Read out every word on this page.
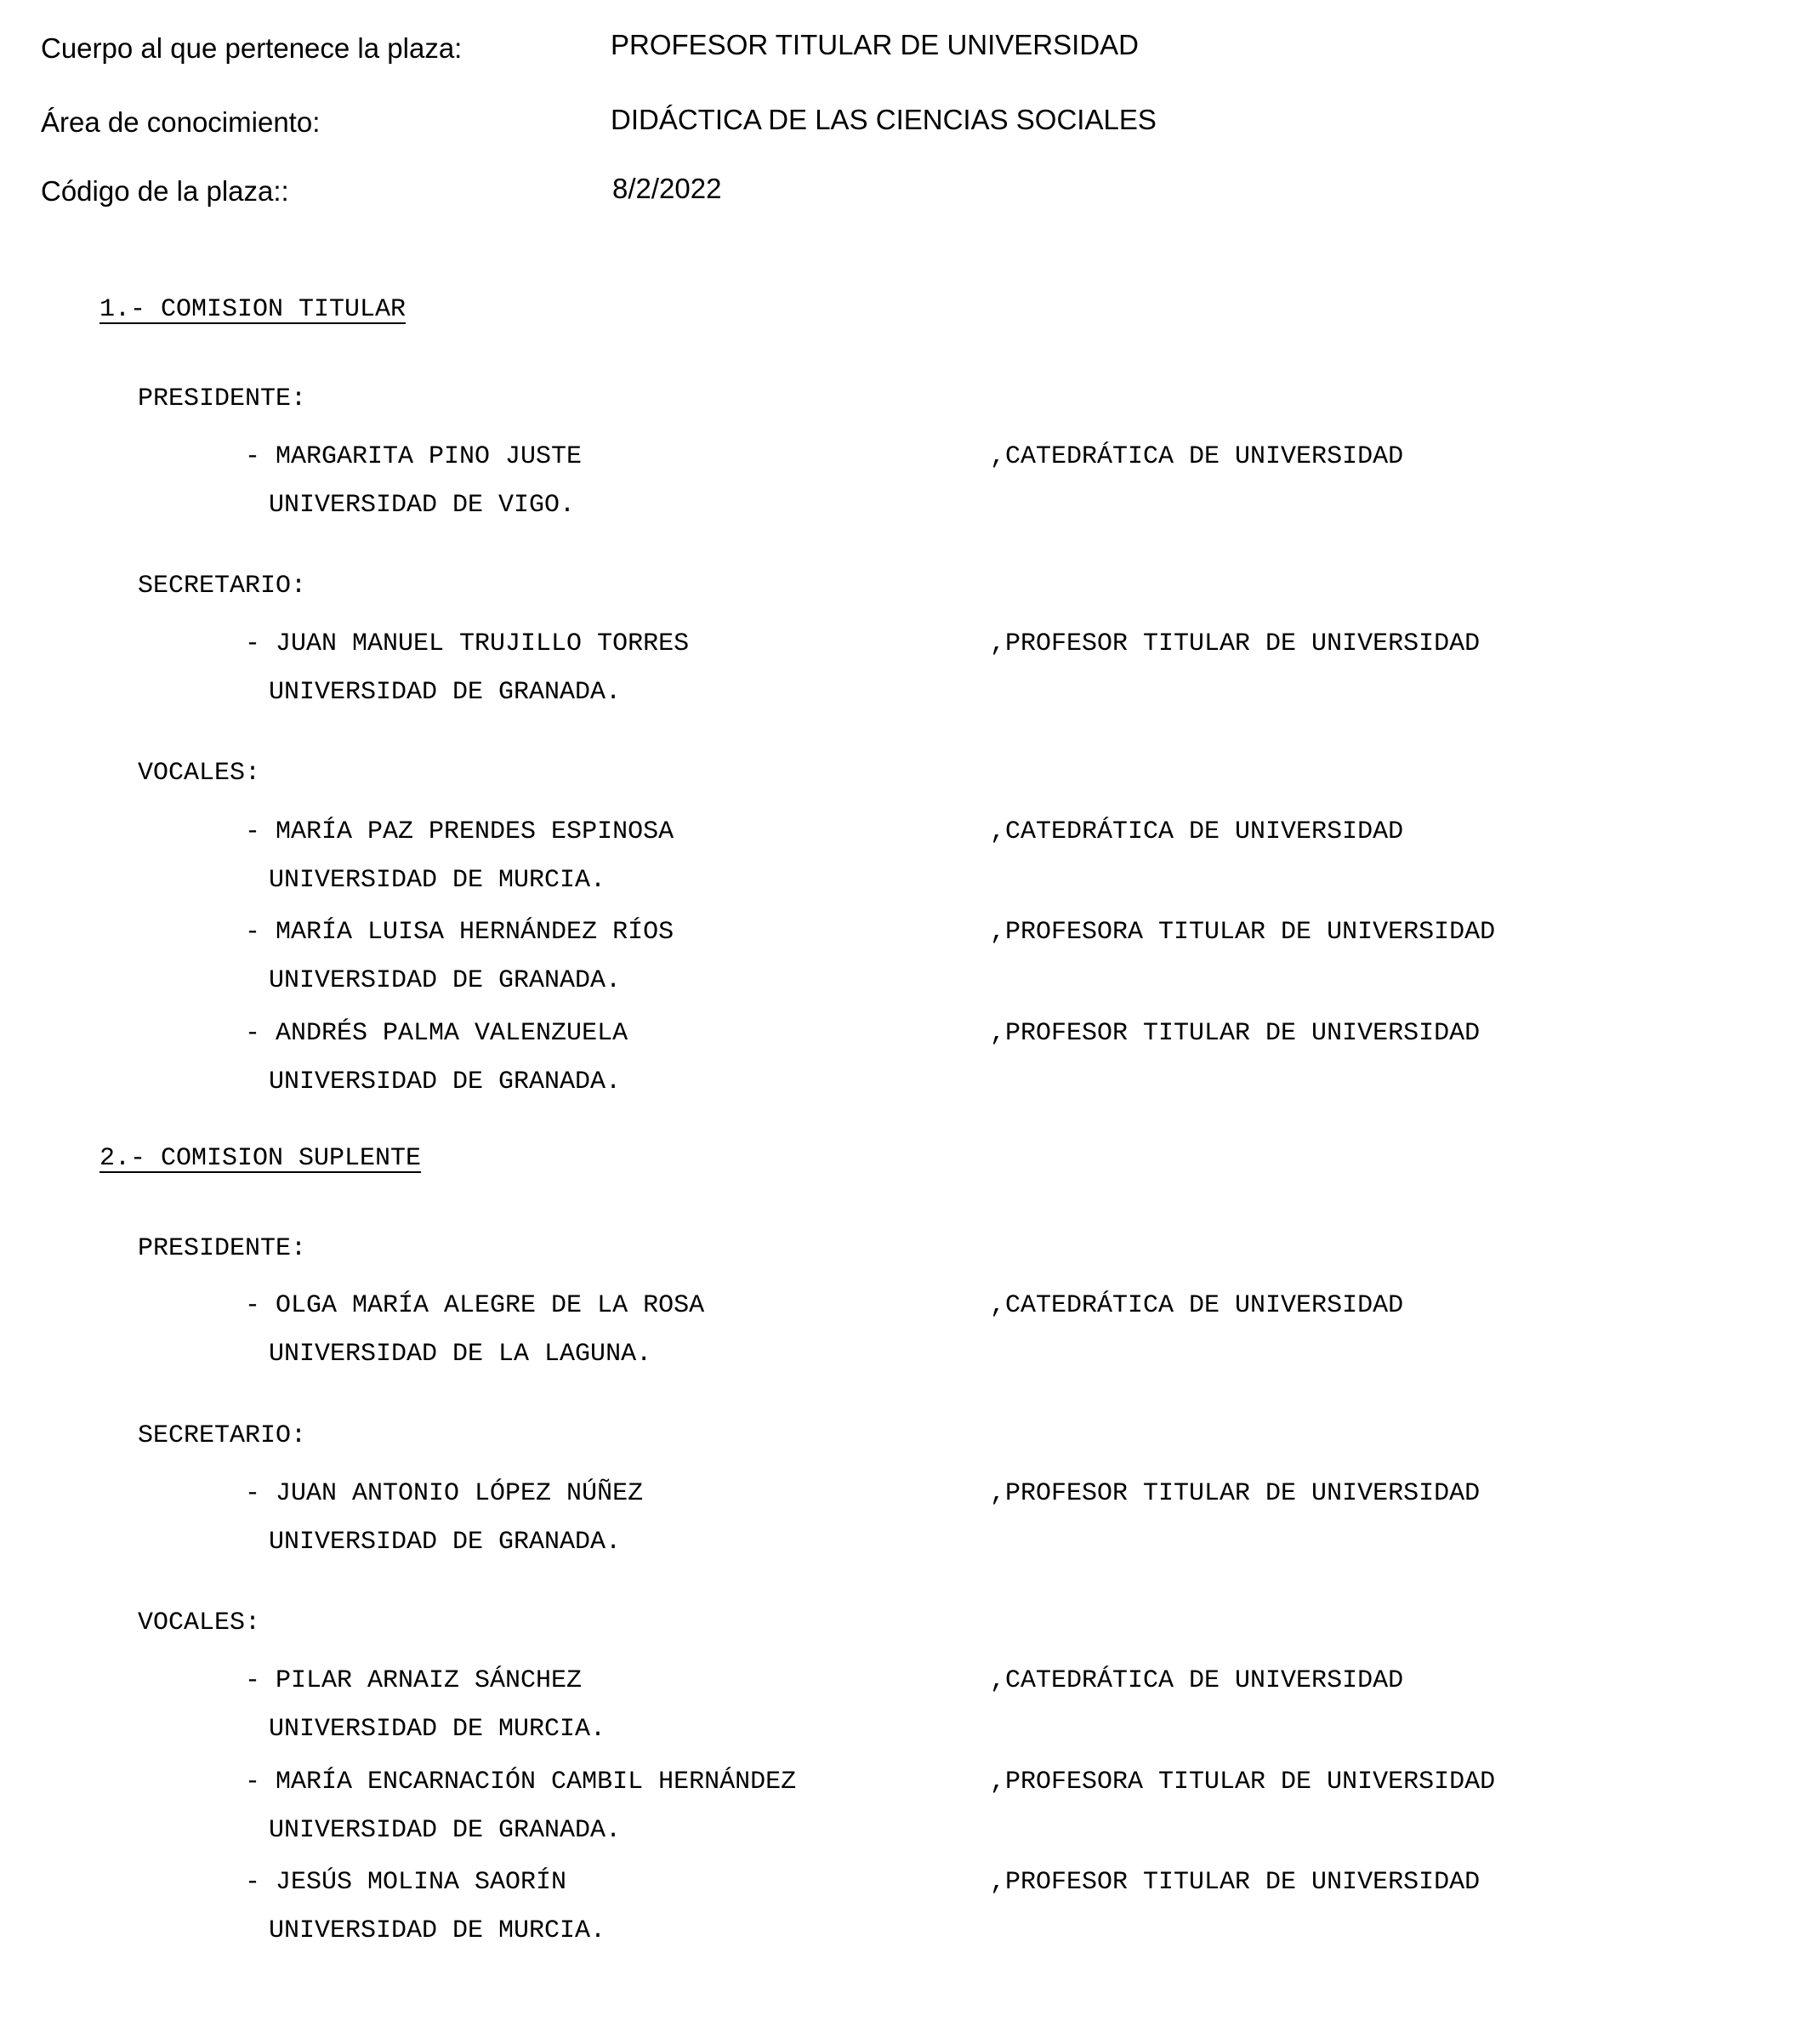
Cuerpo al que pertenece la plaza:	PROFESOR TITULAR DE UNIVERSIDAD
Área de conocimiento:	DIDÁCTICA DE LAS CIENCIAS SOCIALES
Código de la plaza::	8/2/2022
1.- COMISION TITULAR
PRESIDENTE:
- MARGARITA PINO JUSTE	,CATEDRÁTICA DE UNIVERSIDAD
UNIVERSIDAD DE VIGO.
SECRETARIO:
- JUAN MANUEL TRUJILLO TORRES	,PROFESOR TITULAR DE UNIVERSIDAD
UNIVERSIDAD DE GRANADA.
VOCALES:
- MARÍA PAZ PRENDES ESPINOSA	,CATEDRÁTICA DE UNIVERSIDAD
UNIVERSIDAD DE MURCIA.
- MARÍA LUISA HERNÁNDEZ RÍOS	,PROFESORA TITULAR DE UNIVERSIDAD
UNIVERSIDAD DE GRANADA.
- ANDRÉS PALMA VALENZUELA	,PROFESOR TITULAR DE UNIVERSIDAD
UNIVERSIDAD DE GRANADA.
2.- COMISION SUPLENTE
PRESIDENTE:
- OLGA MARÍA ALEGRE DE LA ROSA	,CATEDRÁTICA DE UNIVERSIDAD
UNIVERSIDAD DE LA LAGUNA.
SECRETARIO:
- JUAN ANTONIO LÓPEZ NÚÑEZ	,PROFESOR TITULAR DE UNIVERSIDAD
UNIVERSIDAD DE GRANADA.
VOCALES:
- PILAR ARNAIZ SÁNCHEZ	,CATEDRÁTICA DE UNIVERSIDAD
UNIVERSIDAD DE MURCIA.
- MARÍA ENCARNACIÓN CAMBIL HERNÁNDEZ	,PROFESORA TITULAR DE UNIVERSIDAD
UNIVERSIDAD DE GRANADA.
- JESÚS MOLINA SAORÍN	,PROFESOR TITULAR DE UNIVERSIDAD
UNIVERSIDAD DE MURCIA.
